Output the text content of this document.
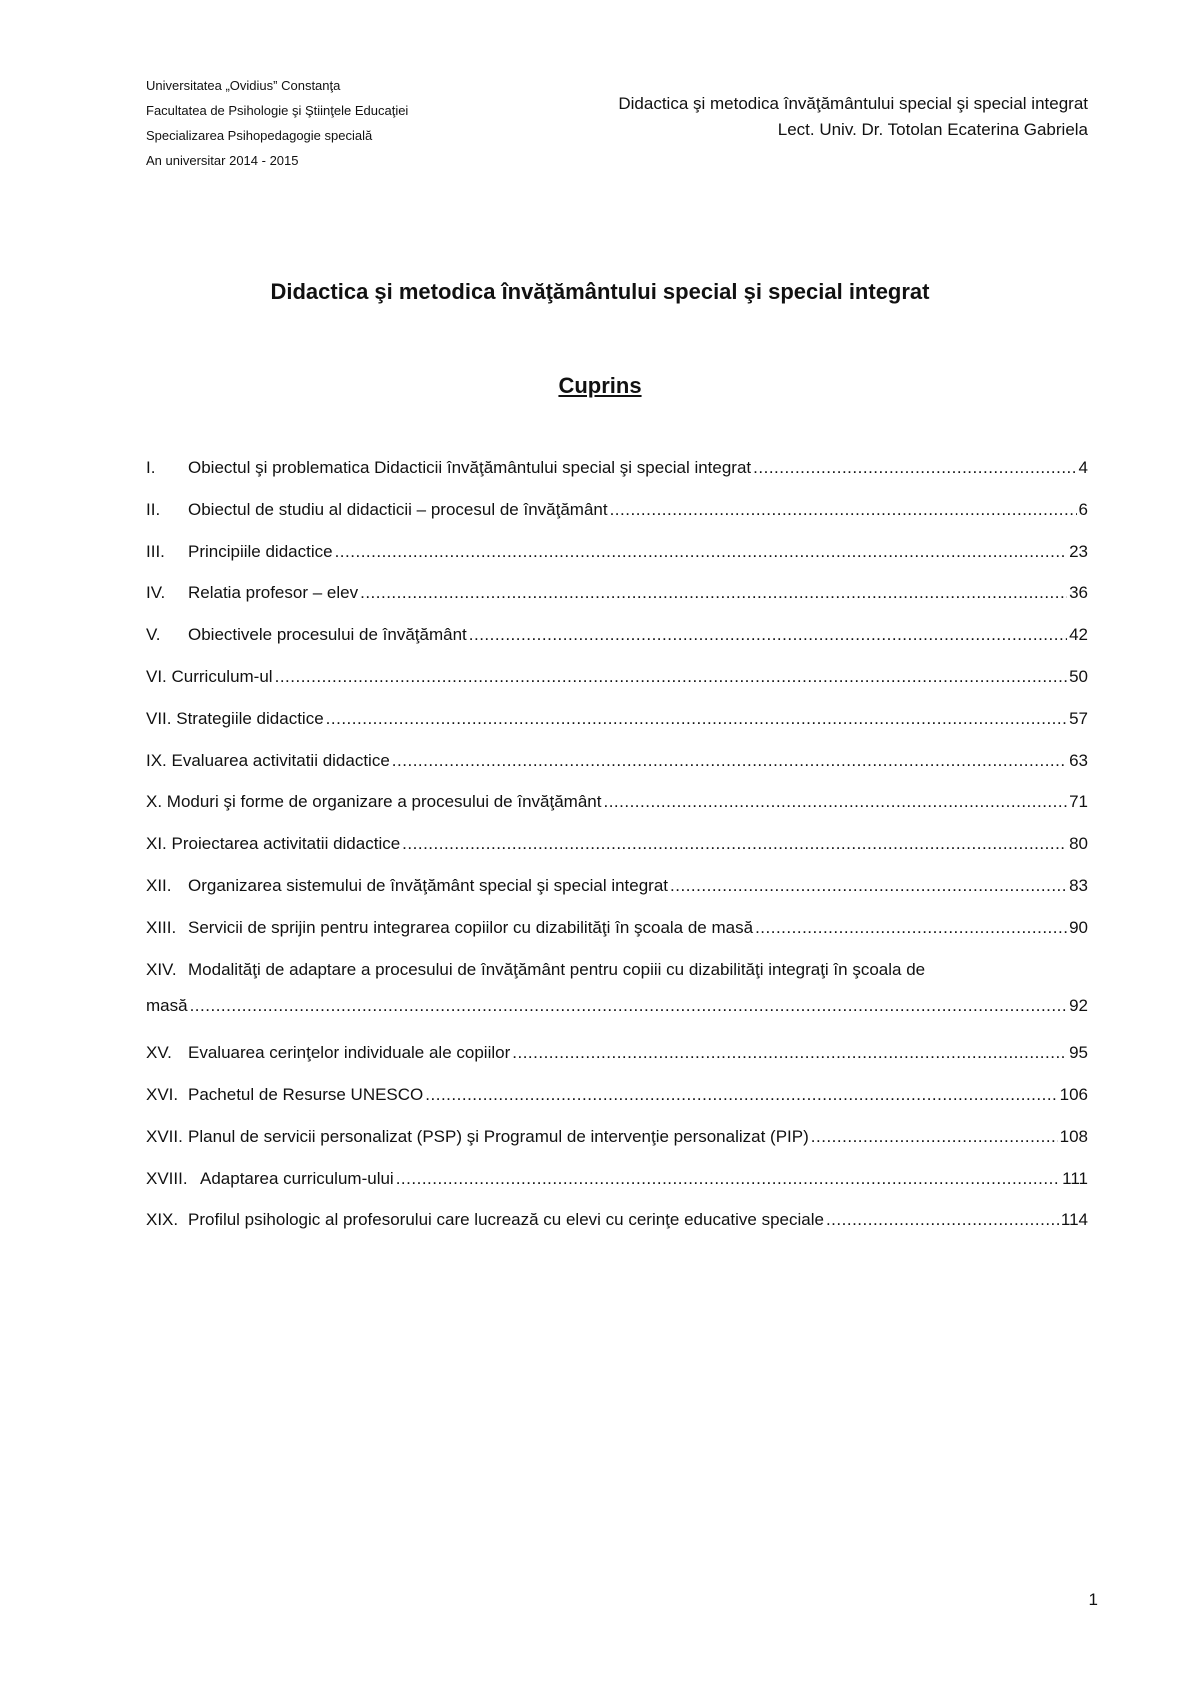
Universitatea „Ovidius” Constanţa
Facultatea de Psihologie şi Ştiinţele Educaţiei
Specializarea Psihopedagogie specială
An universitar 2014 - 2015
Didactica şi metodica învăţământului special şi special integrat
Lect. Univ. Dr. Totolan Ecaterina Gabriela
Didactica şi metodica învăţământului special şi special integrat
Cuprins
I. Obiectul şi problematica Didacticii învăţământului special şi special integrat .....	4
II. Obiectul de studiu al didacticii – procesul de învăţământ .....	6
III. Principiile didactice .....	23
IV. Relatia profesor – elev .....	36
V. Obiectivele procesului de învăţământ .....	42
VI. Curriculum-ul .....	50
VII. Strategiile didactice .....	57
IX. Evaluarea activitatii didactice .....	63
X. Moduri şi forme de organizare a procesului de învăţământ .....	71
XI. Proiectarea activitatii didactice .....	80
XII. Organizarea sistemului de învăţământ special şi special integrat .....	83
XIII. Servicii de sprijin pentru integrarea copiilor cu dizabilităţi în şcoala de masă .....	90
XIV. Modalităţi de adaptare a procesului de învăţământ pentru copiii cu dizabilităţi integraţi în şcoala de
masă .....	92
XV. Evaluarea cerinţelor individuale ale copiilor .....	95
XVI. Pachetul de Resurse UNESCO .....	106
XVII. Planul de servicii personalizat (PSP) şi Programul de intervenţie personalizat (PIP) .....	108
XVIII. Adaptarea curriculum-ului .....	111
XIX. Profilul psihologic al profesorului care lucrează cu elevi cu cerinţe educative speciale .....	114
1
